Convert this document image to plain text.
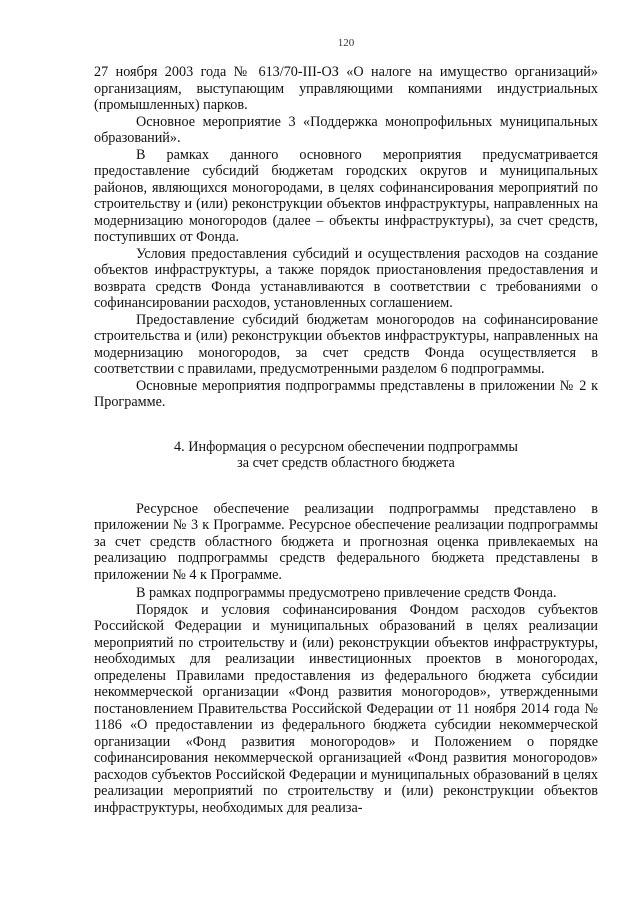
120

27 ноября 2003 года № 613/70-III-ОЗ «О налоге на имущество организаций» организациям, выступающим управляющими компаниями индустриальных (промышленных) парков.

Основное мероприятие 3 «Поддержка монопрофильных муниципальных образований».

В рамках данного основного мероприятия предусматривается предоставление субсидий бюджетам городских округов и муниципальных районов, являющихся моногородами, в целях софинансирования мероприятий по строительству и (или) реконструкции объектов инфраструктуры, направленных на модернизацию моногородов (далее – объекты инфраструктуры), за счет средств, поступивших от Фонда.

Условия предоставления субсидий и осуществления расходов на создание объектов инфраструктуры, а также порядок приостановления предоставления и возврата средств Фонда устанавливаются в соответствии с требованиями о софинансировании расходов, установленных соглашением.

Предоставление субсидий бюджетам моногородов на софинансирование строительства и (или) реконструкции объектов инфраструктуры, направленных на модернизацию моногородов, за счет средств Фонда осуществляется в соответствии с правилами, предусмотренными разделом 6 подпрограммы.

Основные мероприятия подпрограммы представлены в приложении № 2 к Программе.

4. Информация о ресурсном обеспечении подпрограммы
за счет средств областного бюджета

Ресурсное обеспечение реализации подпрограммы представлено в приложении № 3 к Программе. Ресурсное обеспечение реализации подпрограммы за счет средств областного бюджета и прогнозная оценка привлекаемых на реализацию подпрограммы средств федерального бюджета представлены в приложении № 4 к Программе.

В рамках подпрограммы предусмотрено привлечение средств Фонда.

Порядок и условия софинансирования Фондом расходов субъектов Российской Федерации и муниципальных образований в целях реализации мероприятий по строительству и (или) реконструкции объектов инфраструктуры, необходимых для реализации инвестиционных проектов в моногородах, определены Правилами предоставления из федерального бюджета субсидии некоммерческой организации «Фонд развития моногородов», утвержденными постановлением Правительства Российской Федерации от 11 ноября 2014 года № 1186 «О предоставлении из федерального бюджета субсидии некоммерческой организации «Фонд развития моногородов» и Положением о порядке софинансирования некоммерческой организацией «Фонд развития моногородов» расходов субъектов Российской Федерации и муниципальных образований в целях реализации мероприятий по строительству и (или) реконструкции объектов инфраструктуры, необходимых для реализа-
